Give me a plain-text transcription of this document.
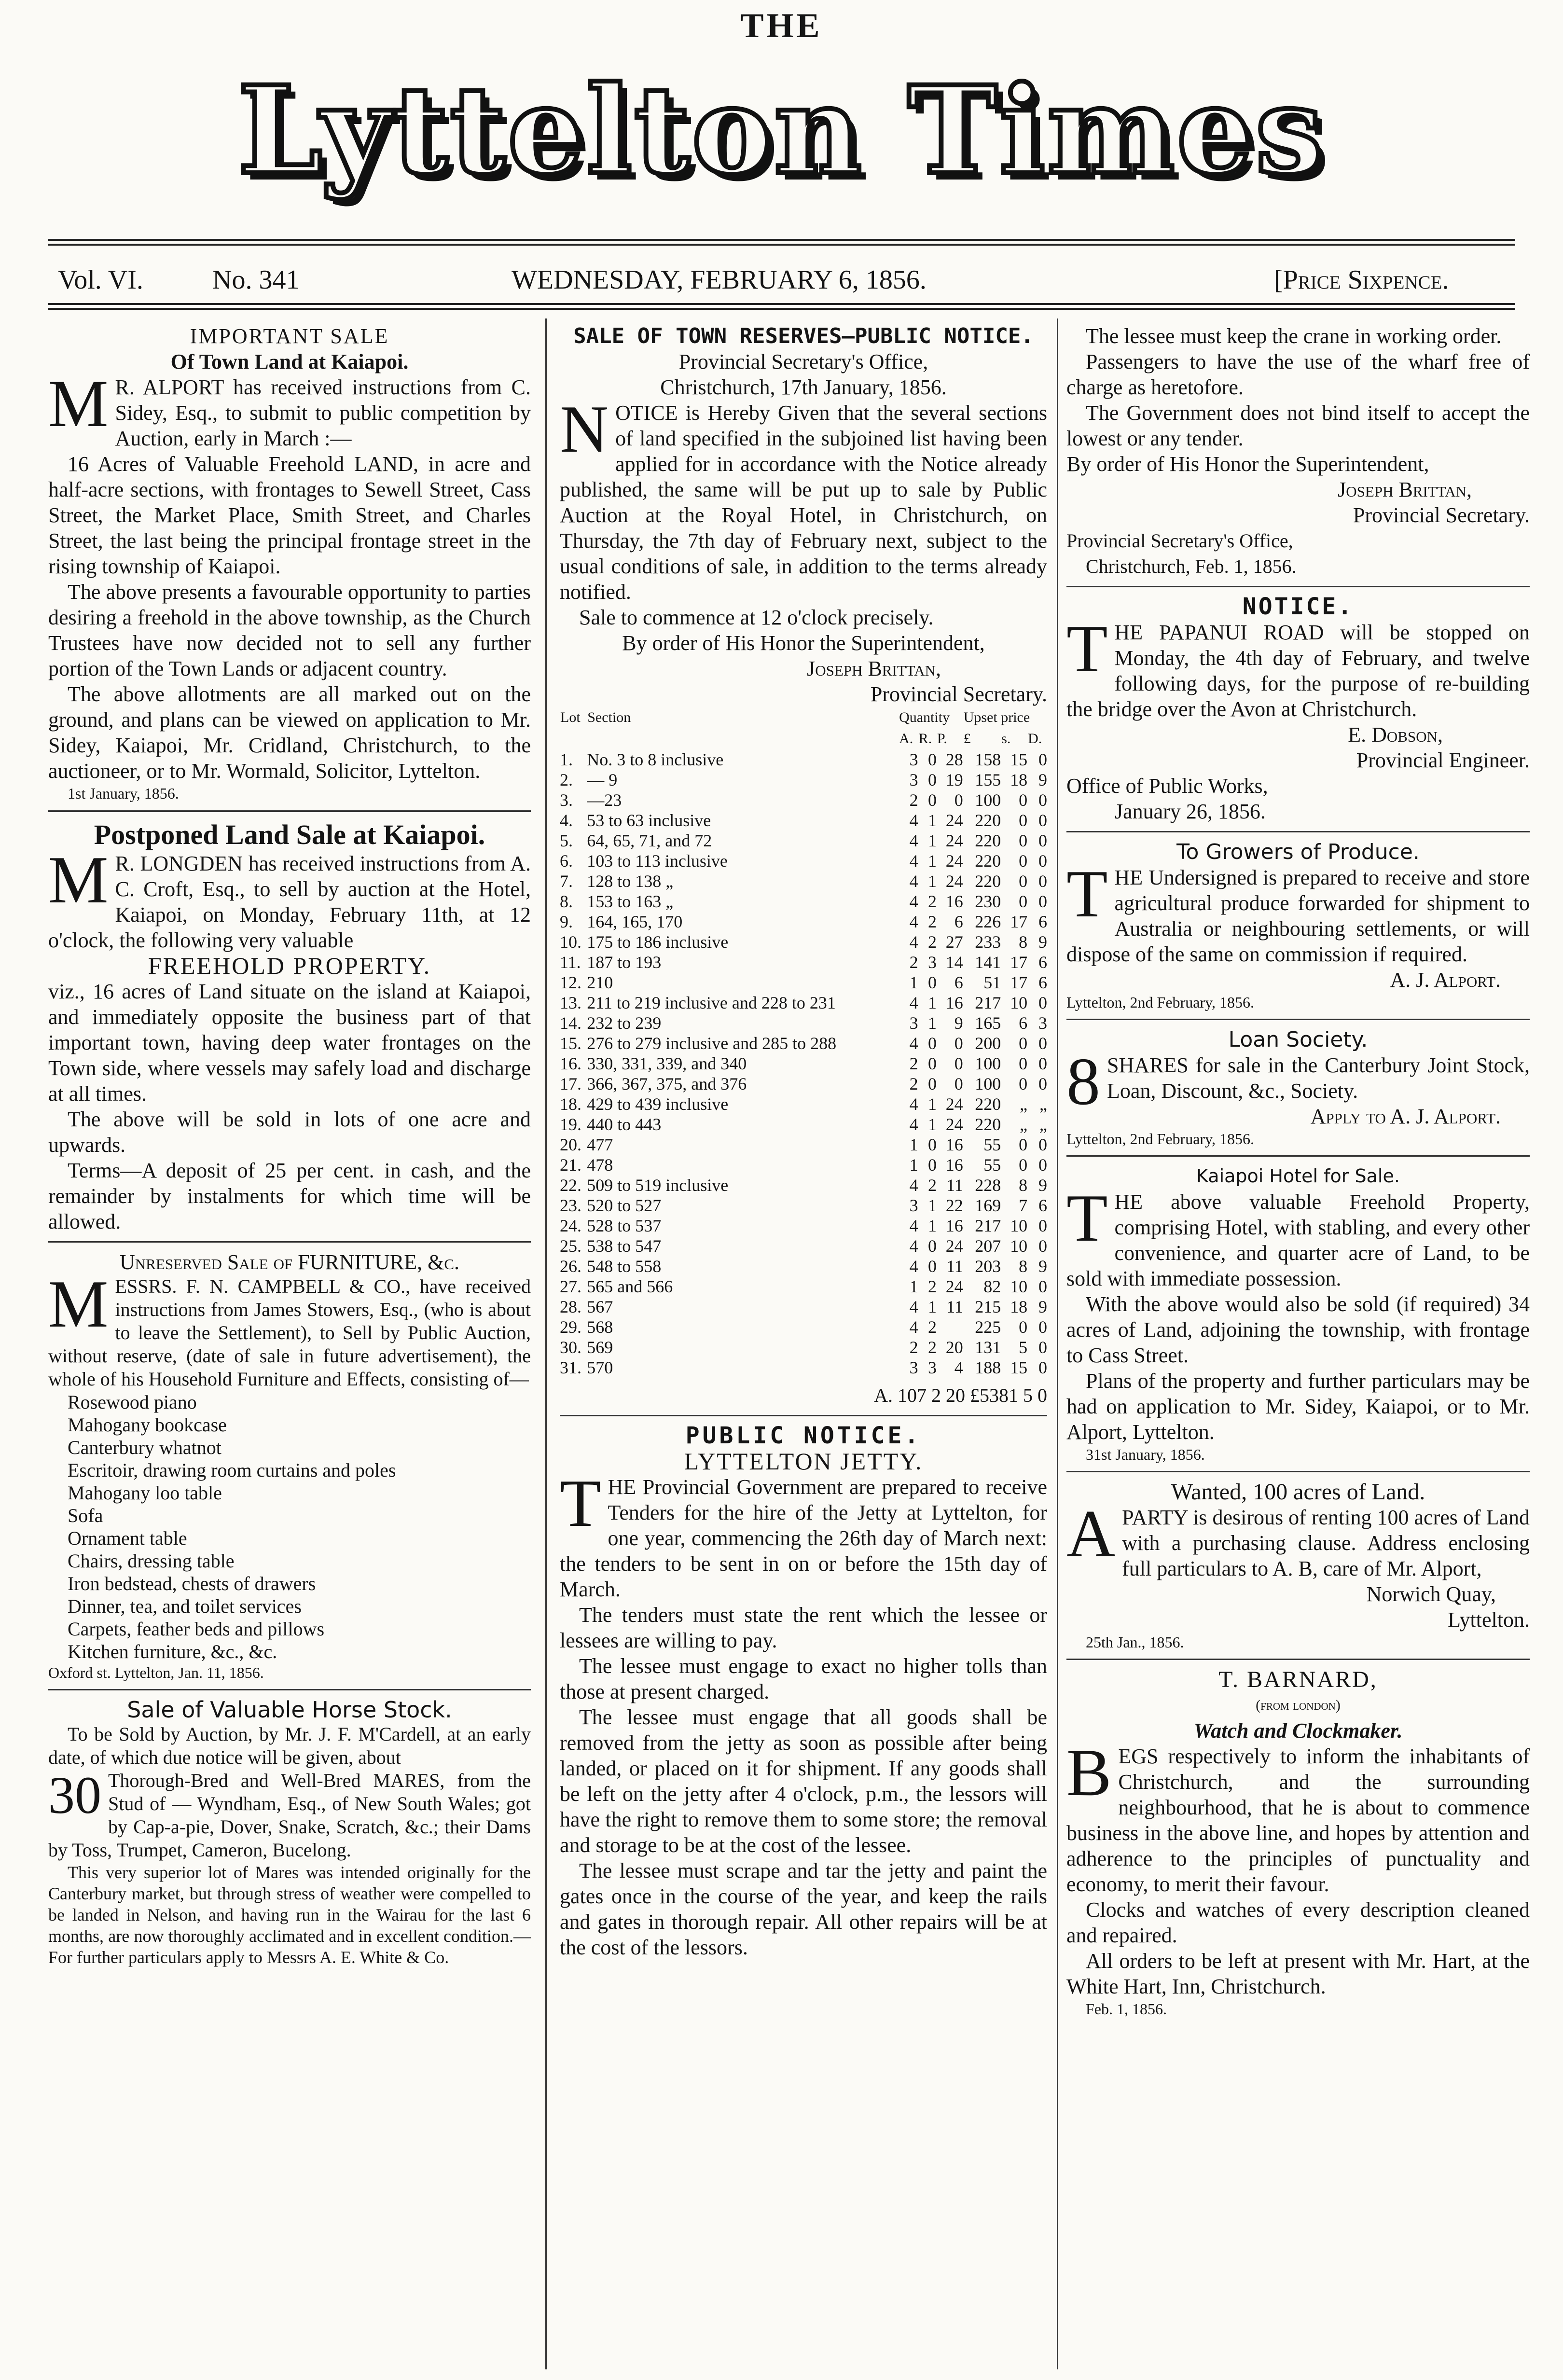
THE
Lyttelton Times
Vol. VI.	No. 341	WEDNESDAY, FEBRUARY 6, 1856.	[Price Sixpence.

IMPORTANT SALE

Of Town Land at Kaiapoi.

M R. ALPORT has received instructions from C. Sidey, Esq., to submit to public competition by Auction, early in March :—

16 Acres of Valuable Freehold LAND, in acre and half-acre sections, with frontages to Sewell Street, Cass Street, the Market Place, Smith Street, and Charles Street, the last being the principal frontage street in the rising township of Kaiapoi.

The above presents a favourable opportunity to parties desiring a freehold in the above township, as the Church Trustees have now decided not to sell any further portion of the Town Lands or adjacent country.

The above allotments are all marked out on the ground, and plans can be viewed on application to Mr. Sidey, Kaiapoi, Mr. Cridland, Christchurch, to the auctioneer, or to Mr. Wormald, Solicitor, Lyttelton.

1st January, 1856.

Postponed Land Sale at Kaiapoi.

M R. LONGDEN has received instructions from A. C. Croft, Esq., to sell by auction at the Hotel, Kaiapoi, on Monday, February 11th, at 12 o'clock, the following very valuable

FREEHOLD PROPERTY.

viz., 16 acres of Land situate on the island at Kaiapoi, and immediately opposite the business part of that important town, having deep water frontages on the Town side, where vessels may safely load and discharge at all times.

The above will be sold in lots of one acre and upwards.

Terms—A deposit of 25 per cent. in cash, and the remainder by instalments for which time will be allowed.

Unreserved Sale of FURNITURE, &c.

MESSRS. F. N. CAMPBELL & CO., have received instructions from James Stowers, Esq., (who is about to leave the Settlement), to Sell by Public Auction, without reserve, (date of sale in future advertisement), the whole of his Household Furniture and Effects, consisting of—

Rosewood piano
Mahogany bookcase
Canterbury whatnot
Escritoir, drawing room curtains and poles
Mahogany loo table
Sofa
Ornament table
Chairs, dressing table
Iron bedstead, chests of drawers
Dinner, tea, and toilet services
Carpets, feather beds and pillows
Kitchen furniture, &c., &c.

Oxford st. Lyttelton, Jan. 11, 1856.

Sale of Valuable Horse Stock.

To be Sold by Auction, by Mr. J. F. M'Cardell, at an early date, of which due notice will be given, about

30 Thorough-Bred and Well-Bred MARES, from the Stud of — Wyndham, Esq., of New South Wales; got by Cap-a-pie, Dover, Snake, Scratch, &c.; their Dams by Toss, Trumpet, Cameron, Bucelong.

This very superior lot of Mares was intended originally for the Canterbury market, but through stress of weather were compelled to be landed in Nelson, and having run in the Wairau for the last 6 months, are now thoroughly acclimated and in excellent condition.—For further particulars apply to Messrs A. E. White & Co.

SALE OF TOWN RESERVES—PUBLIC NOTICE.

Provincial Secretary's Office,

Christchurch, 17th January, 1856.

NOTICE is Hereby Given that the several sections of land specified in the subjoined list having been applied for in accordance with the Notice already published, the same will be put up to sale by Public Auction at the Royal Hotel, in Christchurch, on Thursday, the 7th day of February next, subject to the usual conditions of sale, in addition to the terms already notified.

Sale to commence at 12 o'clock precisely.

By order of His Honor the Superintendent,

Joseph Brittan,

Provincial Secretary.

Lot	Section	Quantity			Upset price		
		A.	R.	P.	£	s.	D.
1.	No. 3 to 8 inclusive	3	0	28	158	15	0
2.	— 9	3	0	19	155	18	9
3.	—23	2	0	0	100	0	0
4.	53 to 63 inclusive	4	1	24	220	0	0
5.	64, 65, 71, and 72	4	1	24	220	0	0
6.	103 to 113 inclusive	4	1	24	220	0	0
7.	128 to 138 „	4	1	24	220	0	0
8.	153 to 163 „	4	2	16	230	0	0
9.	164, 165, 170	4	2	6	226	17	6
10.	175 to 186 inclusive	4	2	27	233	8	9
11.	187 to 193	2	3	14	141	17	6
12.	210	1	0	6	51	17	6
13.	211 to 219 inclusive and 228 to 231	4	1	16	217	10	0
14.	232 to 239	3	1	9	165	6	3
15.	276 to 279 inclusive and 285 to 288	4	0	0	200	0	0
16.	330, 331, 339, and 340	2	0	0	100	0	0
17.	366, 367, 375, and 376	2	0	0	100	0	0
18.	429 to 439 inclusive	4	1	24	220	„	„
19.	440 to 443	4	1	24	220	„	„
20.	477	1	0	16	55	0	0
21.	478	1	0	16	55	0	0
22.	509 to 519 inclusive	4	2	11	228	8	9
23.	520 to 527	3	1	22	169	7	6
24.	528 to 537	4	1	16	217	10	0
25.	538 to 547	4	0	24	207	10	0
26.	548 to 558	4	0	11	203	8	9
27.	565 and 566	1	2	24	82	10	0
28.	567	4	1	11	215	18	9
29.	568	4	2		225	0	0
30.	569	2	2	20	131	5	0
31.	570	3	3	4	188	15	0

A. 107 2 20 £5381 5 0

PUBLIC NOTICE.

LYTTELTON JETTY.

THE Provincial Government are prepared to receive Tenders for the hire of the Jetty at Lyttelton, for one year, commencing the 26th day of March next: the tenders to be sent in on or before the 15th day of March.

The tenders must state the rent which the lessee or lessees are willing to pay.

The lessee must engage to exact no higher tolls than those at present charged.

The lessee must engage that all goods shall be removed from the jetty as soon as possible after being landed, or placed on it for shipment. If any goods shall be left on the jetty after 4 o'clock, p.m., the lessors will have the right to remove them to some store; the removal and storage to be at the cost of the lessee.

The lessee must scrape and tar the jetty and paint the gates once in the course of the year, and keep the rails and gates in thorough repair. All other repairs will be at the cost of the lessors.

The lessee must keep the crane in working order.

Passengers to have the use of the wharf free of charge as heretofore.

The Government does not bind itself to accept the lowest or any tender.

By order of His Honor the Superintendent,

Joseph Brittan,

Provincial Secretary.

Provincial Secretary's Office,

Christchurch, Feb. 1, 1856.

NOTICE.

THE PAPANUI ROAD will be stopped on Monday, the 4th day of February, and twelve following days, for the purpose of re-building the bridge over the Avon at Christchurch.

E. Dobson,

Provincial Engineer.

Office of Public Works,

January 26, 1856.

To Growers of Produce.

THE Undersigned is prepared to receive and store agricultural produce forwarded for shipment to Australia or neighbouring settlements, or will dispose of the same on commission if required.

A. J. Alport.

Lyttelton, 2nd February, 1856.

Loan Society.

8 SHARES for sale in the Canterbury Joint Stock, Loan, Discount, &c., Society.

Apply to A. J. Alport.

Lyttelton, 2nd February, 1856.

Kaiapoi Hotel for Sale.

THE above valuable Freehold Property, comprising Hotel, with stabling, and every other convenience, and quarter acre of Land, to be sold with immediate possession.

With the above would also be sold (if required) 34 acres of Land, adjoining the township, with frontage to Cass Street.

Plans of the property and further particulars may be had on application to Mr. Sidey, Kaiapoi, or to Mr. Alport, Lyttelton.

31st January, 1856.

Wanted, 100 acres of Land.

APARTY is desirous of renting 100 acres of Land with a purchasing clause. Address enclosing full particulars to A. B, care of Mr. Alport,

Norwich Quay,

Lyttelton.

25th Jan., 1856.

T. BARNARD,

(from london)

Watch and Clockmaker.

BEGS respectively to inform the inhabitants of Christchurch, and the surrounding neighbourhood, that he is about to commence business in the above line, and hopes by attention and adherence to the principles of punctuality and economy, to merit their favour.

Clocks and watches of every description cleaned and repaired.

All orders to be left at present with Mr. Hart, at the White Hart, Inn, Christchurch.

Feb. 1, 1856.
